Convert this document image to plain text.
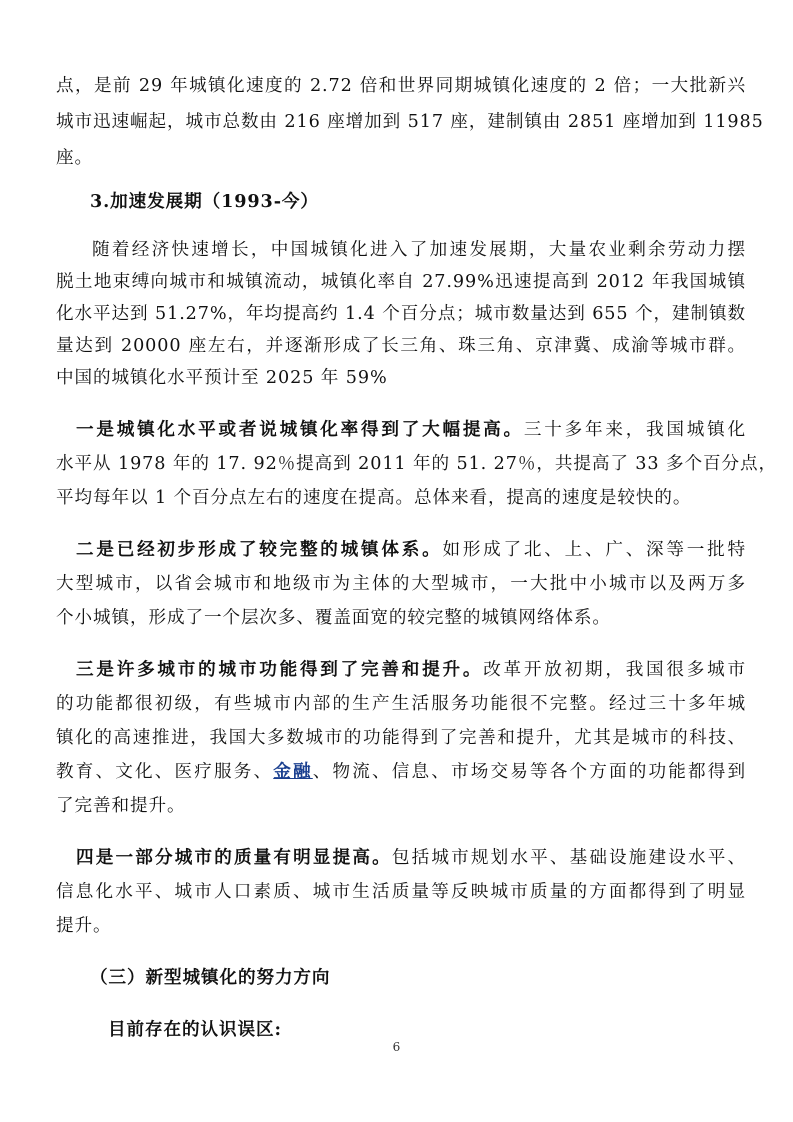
点，是前 29 年城镇化速度的 2.72 倍和世界同期城镇化速度的 2 倍；一大批新兴
城市迅速崛起，城市总数由 216 座增加到 517 座，建制镇由 2851 座增加到 11985
座。
3.加速发展期（1993-今）
随着经济快速增长，中国城镇化进入了加速发展期，大量农业剩余劳动力摆
脱土地束缚向城市和城镇流动，城镇化率自 27.99%迅速提高到 2012 年我国城镇
化水平达到 51.27%，年均提高约 1.4 个百分点；城市数量达到 655 个，建制镇数
量达到 20000 座左右，并逐渐形成了长三角、珠三角、京津冀、成渝等城市群。
中国的城镇化水平预计至 2025 年 59%
一是城镇化水平或者说城镇化率得到了大幅提高。三十多年来，我国城镇化
水平从 1978 年的 17. 92％提高到 2011 年的 51. 27％，共提高了 33 多个百分点，
平均每年以 1 个百分点左右的速度在提高。总体来看，提高的速度是较快的。
二是已经初步形成了较完整的城镇体系。如形成了北、上、广、深等一批特
大型城市，以省会城市和地级市为主体的大型城市，一大批中小城市以及两万多
个小城镇，形成了一个层次多、覆盖面宽的较完整的城镇网络体系。
三是许多城市的城市功能得到了完善和提升。改革开放初期，我国很多城市
的功能都很初级，有些城市内部的生产生活服务功能很不完整。经过三十多年城
镇化的高速推进，我国大多数城市的功能得到了完善和提升，尤其是城市的科技、
教育、文化、医疗服务、金融、物流、信息、市场交易等各个方面的功能都得到
了完善和提升。
四是一部分城市的质量有明显提高。包括城市规划水平、基础设施建设水平、
信息化水平、城市人口素质、城市生活质量等反映城市质量的方面都得到了明显
提升。
（三）新型城镇化的努力方向
目前存在的认识误区:
6
